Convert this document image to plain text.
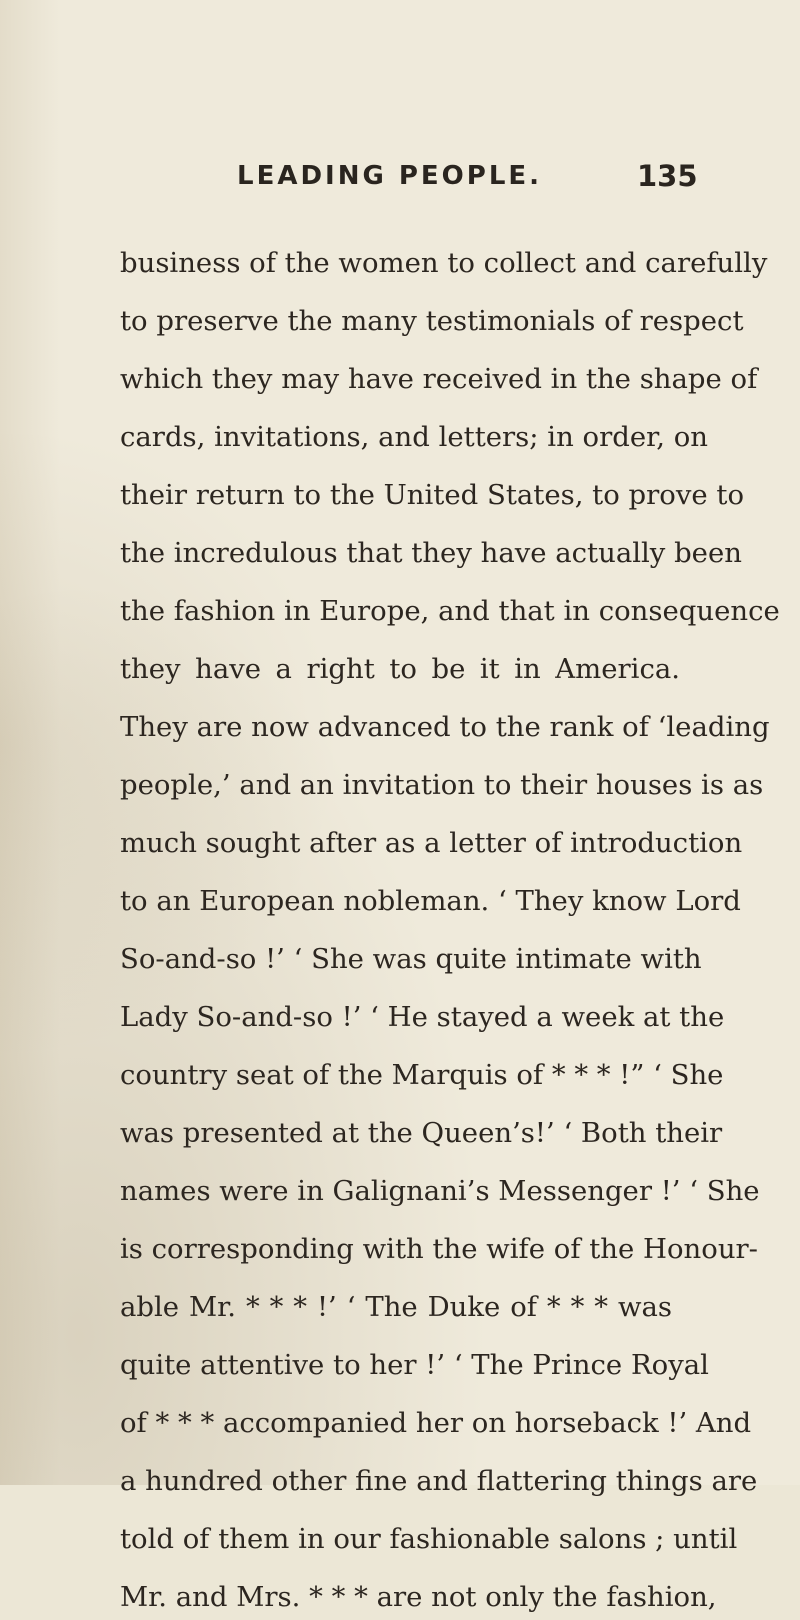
LEADING PEOPLE.	135
business of the women to collect and carefully
to preserve the many testimonials of respect
which they may have received in the shape of
cards, invitations, and letters; in order, on
their return to the United States, to prove to
the incredulous that they have actually been
the fashion in Europe, and that in consequence
they have a right to be it in America.
They are now advanced to the rank of ‘leading
people,’ and an invitation to their houses is as
much sought after as a letter of introduction
to an European nobleman. ‘ They know Lord
So-and-so !’ ‘ She was quite intimate with
Lady So-and-so !’ ‘ He stayed a week at the
country seat of the Marquis of * * * !” ‘ She
was presented at the Queen’s!’ ‘ Both their
names were in Galignani’s Messenger !’ ‘ She
is corresponding with the wife of the Honour-
able Mr. * * * !’ ‘ The Duke of * * * was
quite attentive to her !’ ‘ The Prince Royal
of * * * accompanied her on horseback !’ And
a hundred other fine and flattering things are
told of them in our fashionable salons ; until
Mr. and Mrs. * * * are not only the fashion,
